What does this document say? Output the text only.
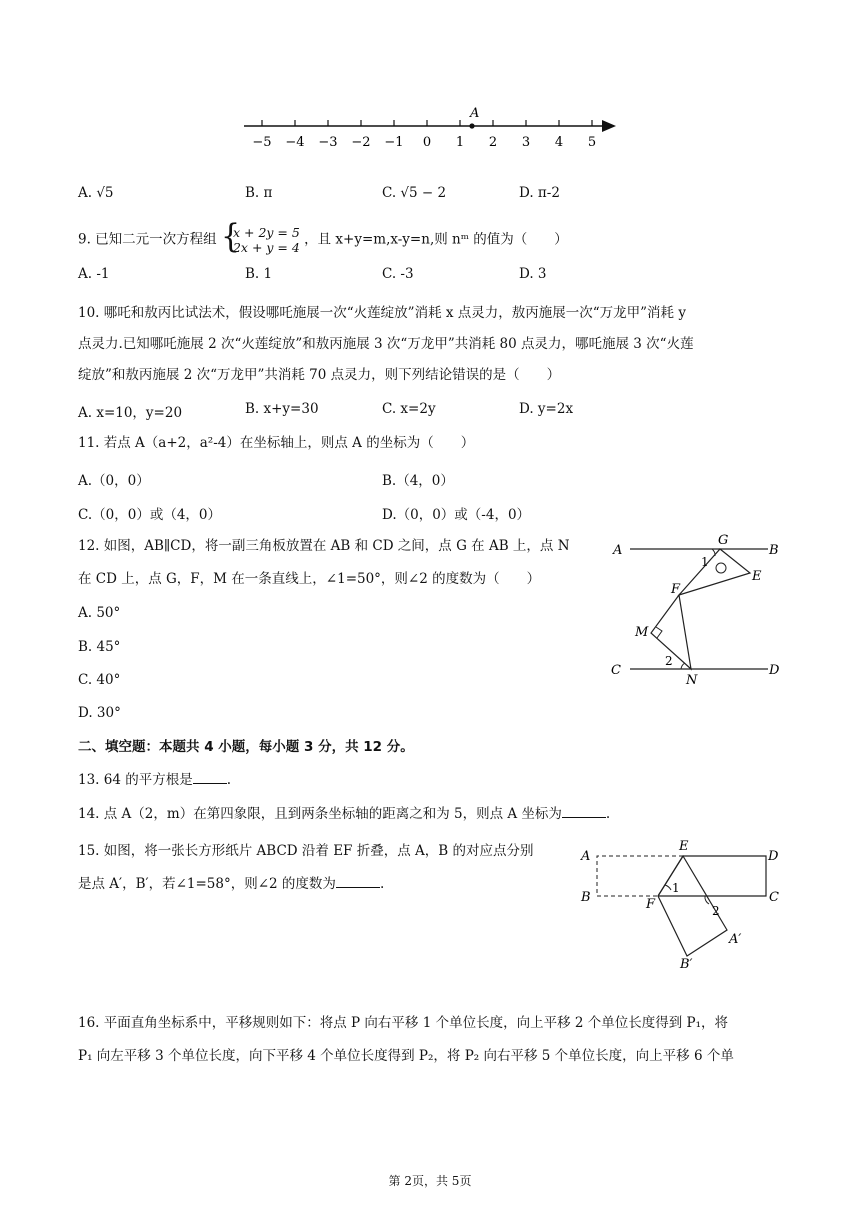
−5 −4 −3 −2 −1 0 1 2 3 4 5
A
A. √5	B. π	C. √5 − 2	D. π-2
9. 已知二元一次方程组 {
x + 2y = 5
2x + y = 4 ，且 x+y=m,x-y=n,则 nᵐ 的值为（　　）
A. -1	B. 1	C. -3	D. 3
10. 哪吒和敖丙比试法术，假设哪吒施展一次“火莲绽放”消耗 x 点灵力，敖丙施展一次“万龙甲”消耗 y
点灵力.已知哪吒施展 2 次“火莲绽放”和敖丙施展 3 次“万龙甲”共消耗 80 点灵力，哪吒施展 3 次“火莲
绽放”和敖丙施展 2 次“万龙甲”共消耗 70 点灵力，则下列结论错误的是（　　）
A. x=10，y=20	B. x+y=30	C. x=2y	D. y=2x
11. 若点 A（a+2，a²-4）在坐标轴上，则点 A 的坐标为（　　）
A.（0，0）	B.（4，0）
C.（0，0）或（4，0）	D.（0，0）或（-4，0）
12. 如图，AB∥CD，将一副三角板放置在 AB 和 CD 之间，点 G 在 AB 上，点 N
在 CD 上，点 G，F，M 在一条直线上，∠1=50°，则∠2 的度数为（　　）
A. 50°
B. 45°
C. 40°
D. 30°
A	B
C	D
G
E
F
M
N
1
2
二、填空题：本题共 4 小题，每小题 3 分，共 12 分。
13. 64 的平方根是	.
14. 点 A（2，m）在第四象限，且到两条坐标轴的距离之和为 5，则点 A 坐标为	.
15. 如图，将一张长方形纸片 ABCD 沿着 EF 折叠，点 A，B 的对应点分别
是点 A′，B′，若∠1=58°，则∠2 的度数为	.
A
E
D
B	F	C
A′
B′
1
2
16. 平面直角坐标系中，平移规则如下：将点 P 向右平移 1 个单位长度，向上平移 2 个单位长度得到 P₁，将
P₁ 向左平移 3 个单位长度，向下平移 4 个单位长度得到 P₂，将 P₂ 向右平移 5 个单位长度，向上平移 6 个单
第 2页，共 5页
